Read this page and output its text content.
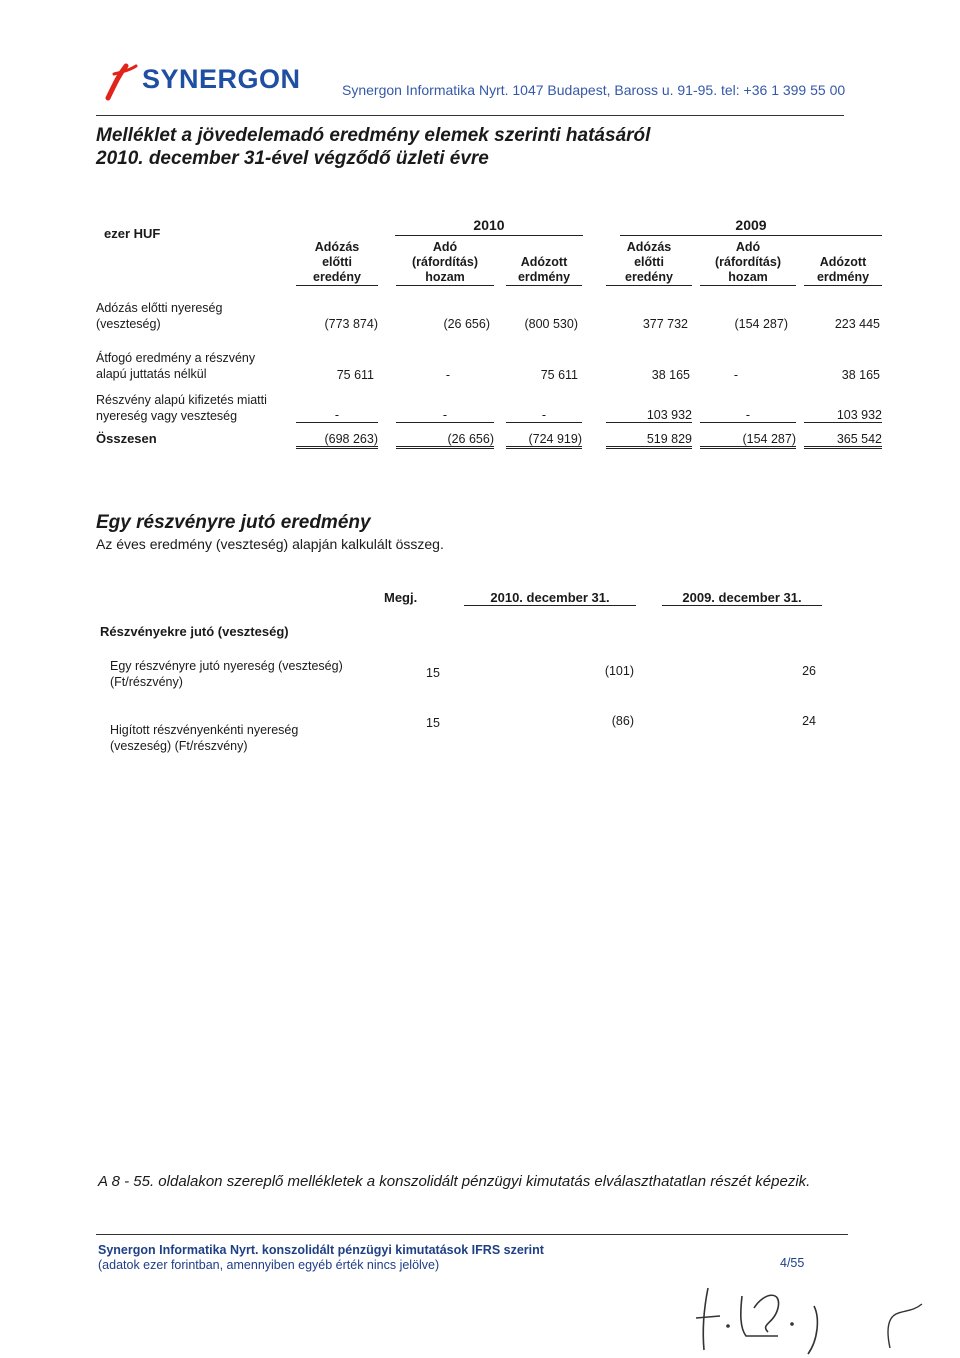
SYNERGON	Synergon Informatika Nyrt. 1047 Budapest, Baross u. 91-95. tel: +36 1 399 55 00
Melléklet a jövedelemadó eredmény elemek szerinti hatásáról
2010. december 31-ével végződő üzleti évre
ezer HUF
2010	2009
Adózás
előtti
eredény
Adó
(ráfordítás)
hozam
Adózott
erdmény
Adózás
előtti
eredény
Adó
(ráfordítás)
hozam
Adózott
erdmény
Adózás előtti nyereség
(veszteség)	(773 874)	(26 656)	(800 530)	377 732	(154 287)	223 445
Átfogó eredmény a részvény
alapú juttatás nélkül	75 611	-	75 611	38 165	-	38 165
Részvény alapú kifizetés miatti
nyereség vagy veszteség	-	-	-	103 932	-	103 932
Összesen	(698 263)	(26 656)	(724 919)	519 829	(154 287)	365 542
Egy részvényre jutó eredmény
Az éves eredmény (veszteség) alapján kalkulált összeg.
Megj.	2010. december 31.	2009. december 31.
Részvényekre jutó (veszteség)
Egy részvényre jutó nyereség (veszteség)
(Ft/részvény)
15	(101)	26
Higított részvényenkénti nyereség
(veszeség) (Ft/részvény)
15	(86)	24
A 8 - 55. oldalakon szereplő mellékletek a konszolidált pénzügyi kimutatás elválaszthatatlan részét képezik.
Synergon Informatika Nyrt. konszolidált pénzügyi kimutatások IFRS szerint
(adatok ezer forintban, amennyiben egyéb érték nincs jelölve)	4/55
